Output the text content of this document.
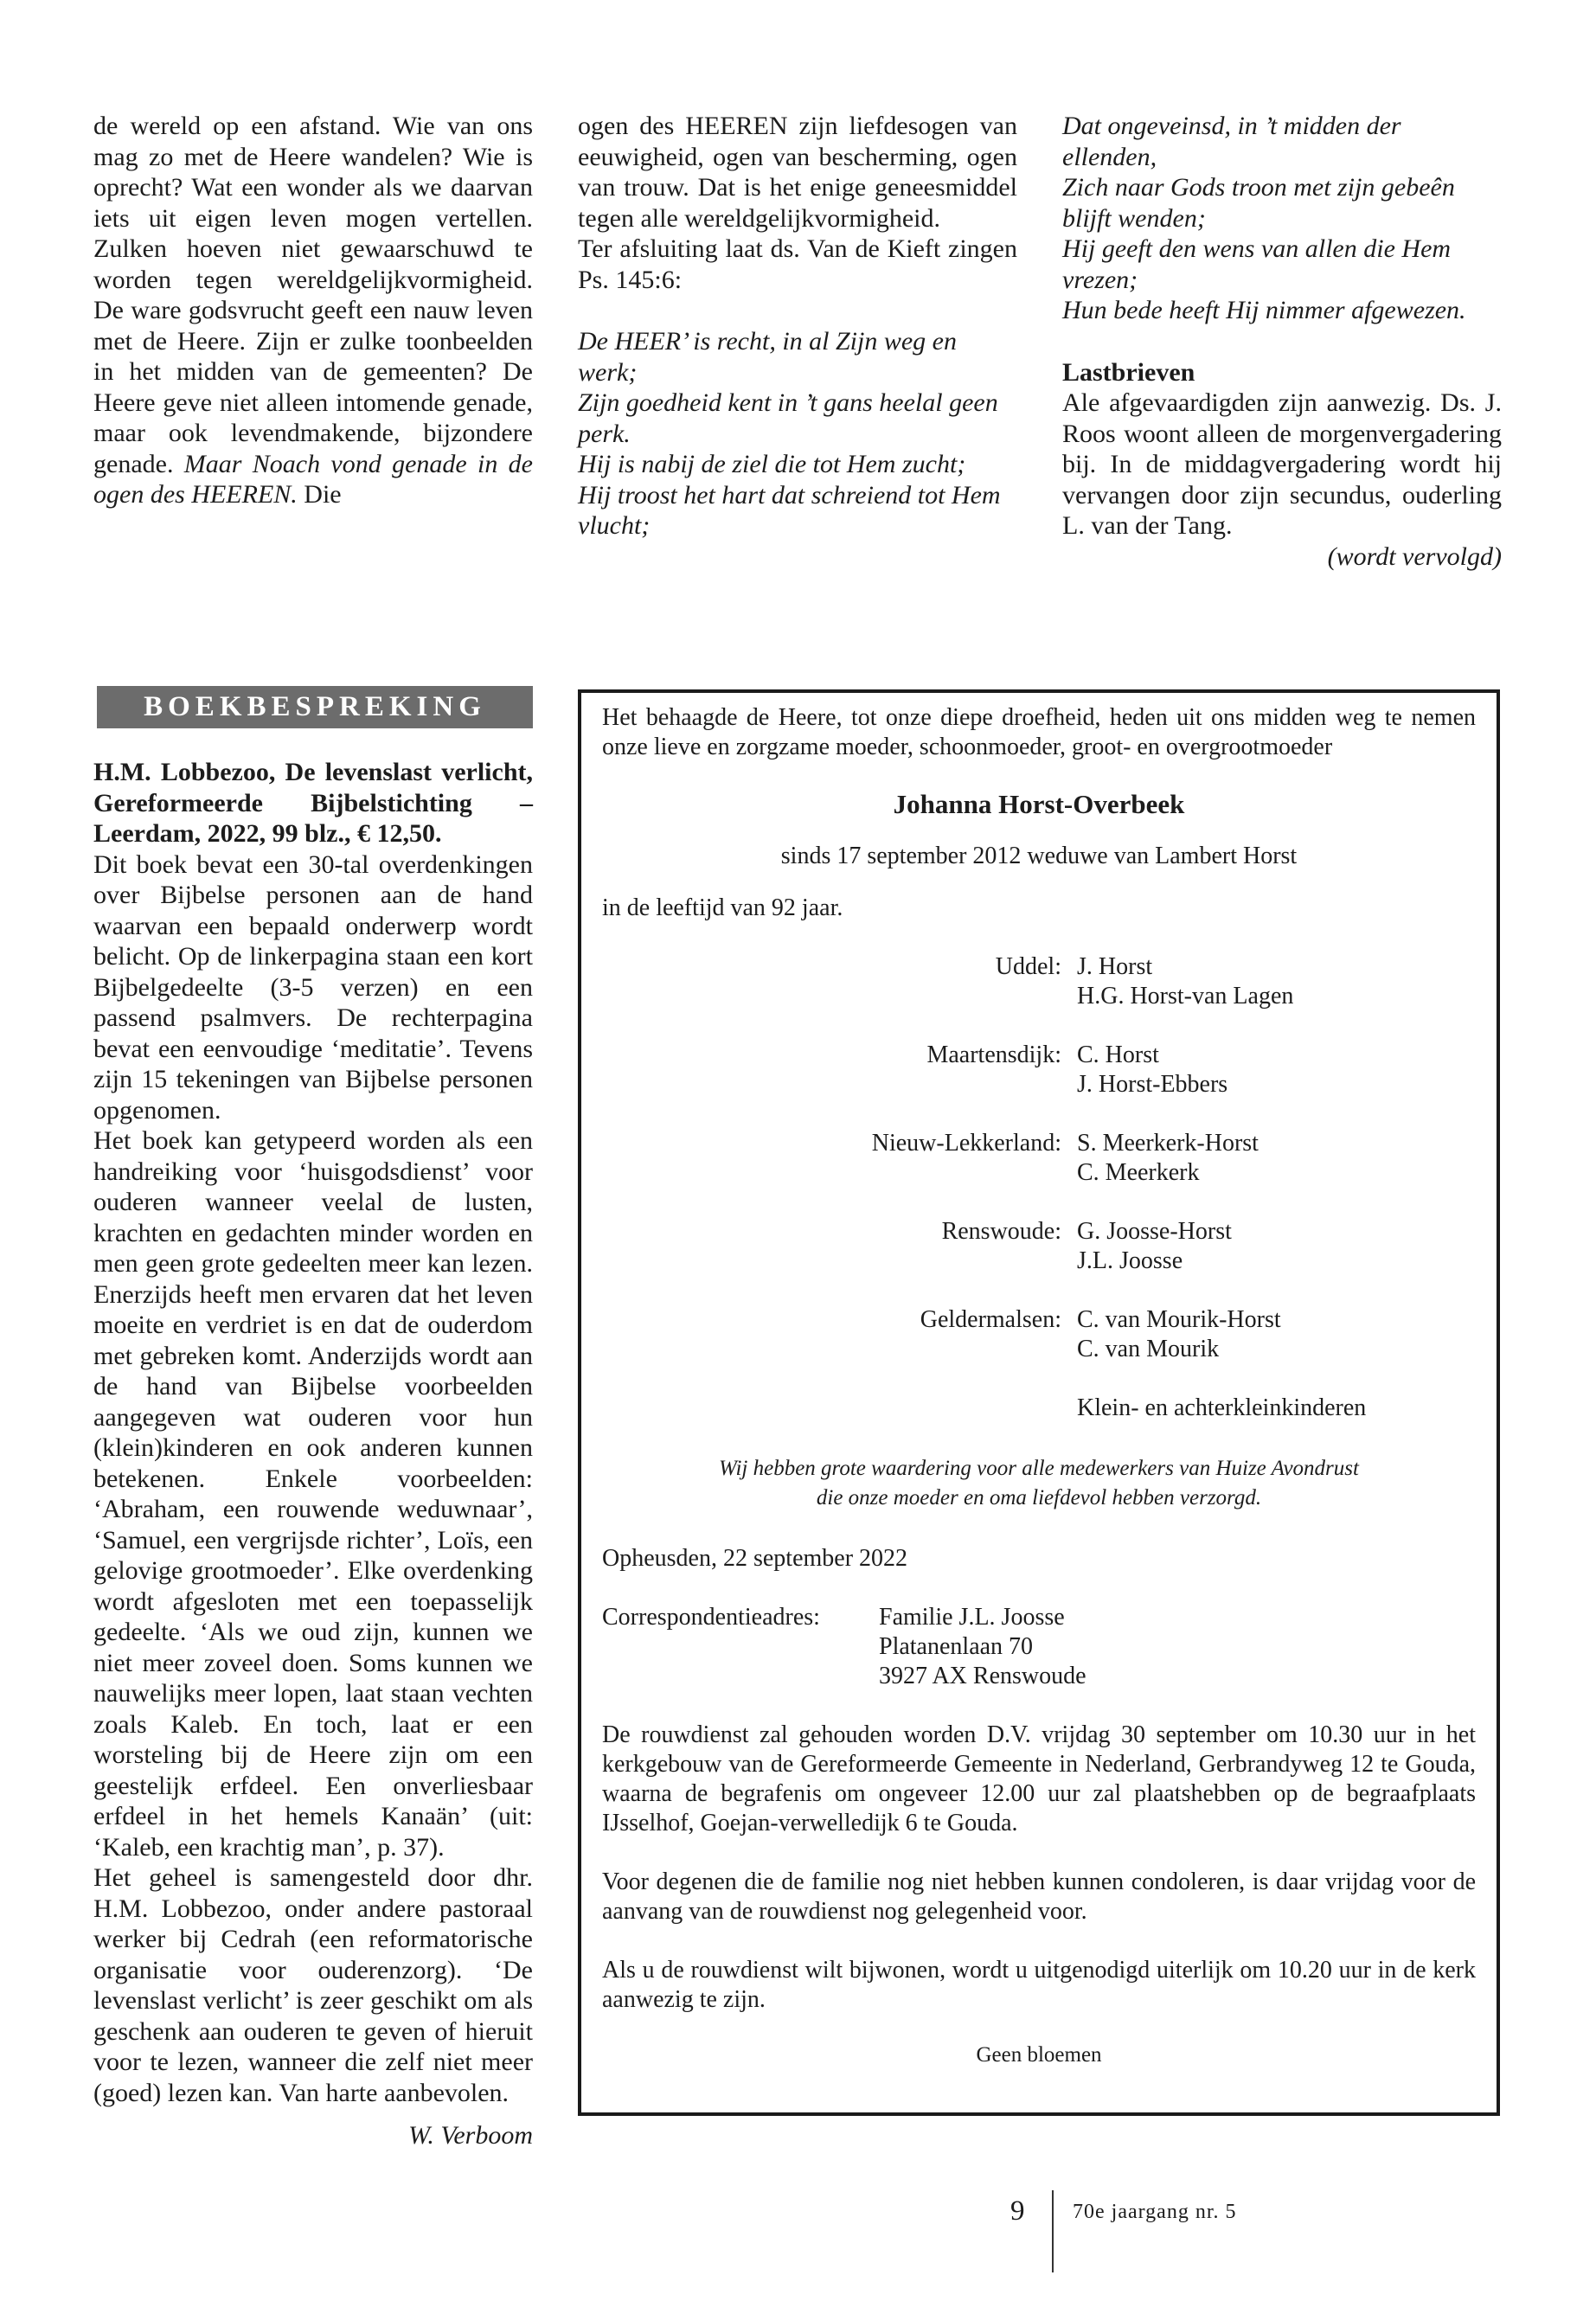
de wereld op een afstand. Wie van ons mag zo met de Heere wandelen? Wie is oprecht? Wat een wonder als we daarvan iets uit eigen leven mogen vertellen. Zulken hoeven niet gewaarschuwd te worden tegen wereldgelijkvormigheid. De ware godsvrucht geeft een nauw leven met de Heere. Zijn er zulke toonbeelden in het midden van de gemeenten? De Heere geve niet alleen intomende genade, maar ook levendmakende, bijzondere genade. Maar Noach vond genade in de ogen des HEEREN. Die

ogen des HEEREN zijn liefdesogen van eeuwigheid, ogen van bescherming, ogen van trouw. Dat is het enige geneesmiddel tegen alle wereldgelijkvormigheid.

Ter afsluiting laat ds. Van de Kieft zingen Ps. 145:6:

De HEER’ is recht, in al Zijn weg en werk;

Zijn goedheid kent in ’t gans heelal geen perk.

Hij is nabij de ziel die tot Hem zucht;

Hij troost het hart dat schreiend tot Hem vlucht;

Dat ongeveinsd, in ’t midden der ellenden,

Zich naar Gods troon met zijn gebeên blijft wenden;

Hij geeft den wens van allen die Hem vrezen;

Hun bede heeft Hij nimmer afgewezen.

Lastbrieven

Ale afgevaardigden zijn aanwezig. Ds. J. Roos woont alleen de morgenvergadering bij. In de middagvergadering wordt hij vervangen door zijn secundus, ouderling L. van der Tang.

(wordt vervolgd)

BOEKBESPREKING

H.M. Lobbezoo, De levenslast verlicht, Gereformeerde Bijbelstichting – Leerdam, 2022, 99 blz., € 12,50.

Dit boek bevat een 30-tal overdenkingen over Bijbelse personen aan de hand waarvan een bepaald onderwerp wordt belicht. Op de linkerpagina staan een kort Bijbelgedeelte (3-5 verzen) en een passend psalmvers. De rechterpagina bevat een eenvoudige ‘meditatie’. Tevens zijn 15 tekeningen van Bijbelse personen opgenomen.

Het boek kan getypeerd worden als een handreiking voor ‘huisgodsdienst’ voor ouderen wanneer veelal de lusten, krachten en gedachten minder worden en men geen grote gedeelten meer kan lezen. Enerzijds heeft men ervaren dat het leven moeite en verdriet is en dat de ouderdom met gebreken komt. Anderzijds wordt aan de hand van Bijbelse voorbeelden aangegeven wat ouderen voor hun (klein)kinderen en ook anderen kunnen betekenen. Enkele voorbeelden: ‘Abraham, een rouwende weduwnaar’, ‘Samuel, een vergrijsde richter’, Loïs, een gelovige grootmoeder’. Elke overdenking wordt afgesloten met een toepasselijk gedeelte. ‘Als we oud zijn, kunnen we niet meer zoveel doen. Soms kunnen we nauwelijks meer lopen, laat staan vechten zoals Kaleb. En toch, laat er een worsteling bij de Heere zijn om een geestelijk erfdeel. Een onverliesbaar erfdeel in het hemels Kanaän’ (uit: ‘Kaleb, een krachtig man’, p. 37).

Het geheel is samengesteld door dhr. H.M. Lobbezoo, onder andere pastoraal werker bij Cedrah (een reformatorische organisatie voor ouderenzorg). ‘De levenslast verlicht’ is zeer geschikt om als geschenk aan ouderen te geven of hieruit voor te lezen, wanneer die zelf niet meer (goed) lezen kan. Van harte aanbevolen.

W. Verboom

Het behaagde de Heere, tot onze diepe droefheid, heden uit ons midden weg te nemen onze lieve en zorgzame moeder, schoonmoeder, groot- en overgrootmoeder

Johanna Horst-Overbeek

sinds 17 september 2012 weduwe van Lambert Horst

in de leeftijd van 92 jaar.

Uddel: J. Horst
H.G. Horst-van Lagen
Maartensdijk: C. Horst
J. Horst-Ebbers
Nieuw-Lekkerland: S. Meerkerk-Horst
C. Meerkerk
Renswoude: G. Joosse-Horst
J.L. Joosse
Geldermalsen: C. van Mourik-Horst
C. van Mourik
Klein- en achterkleinkinderen

Wij hebben grote waardering voor alle medewerkers van Huize Avondrust

die onze moeder en oma liefdevol hebben verzorgd.

Opheusden, 22 september 2022

Correspondentieadres:	Familie J.L. Joosse
Platanenlaan 70
3927 AX Renswoude

De rouwdienst zal gehouden worden D.V. vrijdag 30 september om 10.30 uur in het kerkgebouw van de Gereformeerde Gemeente in Nederland, Gerbrandyweg 12 te Gouda, waarna de begrafenis om ongeveer 12.00 uur zal plaatshebben op de begraafplaats IJsselhof, Goejan-verwelledijk 6 te Gouda.

Voor degenen die de familie nog niet hebben kunnen condoleren, is daar vrijdag voor de aanvang van de rouwdienst nog gelegenheid voor.

Als u de rouwdienst wilt bijwonen, wordt u uitgenodigd uiterlijk om 10.20 uur in de kerk aanwezig te zijn.

Geen bloemen

9 70e jaargang nr. 5
